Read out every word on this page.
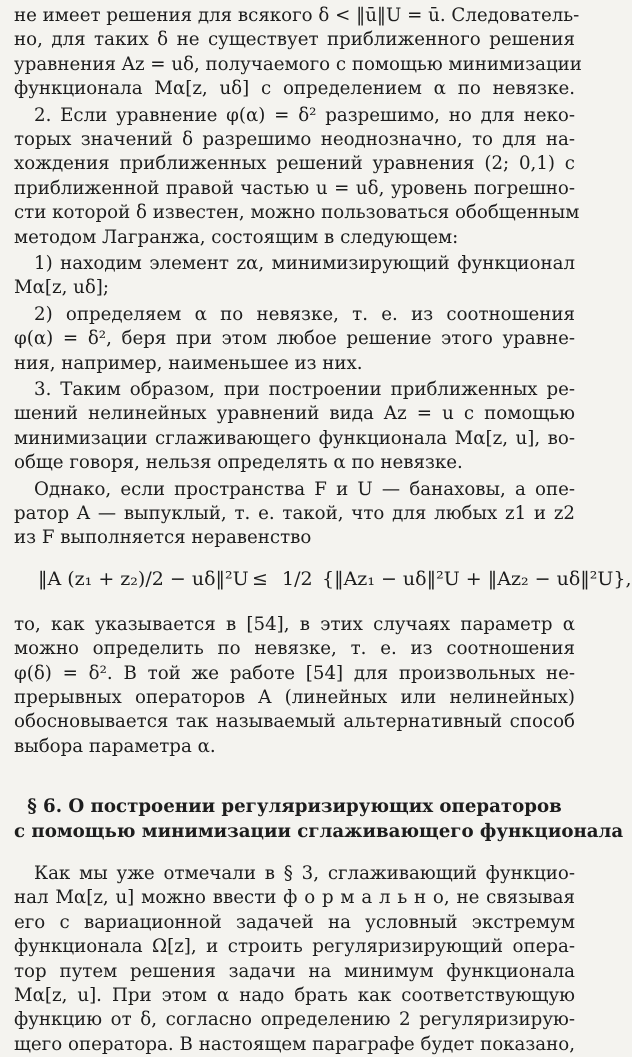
не имеет решения для всякого δ < ‖ū‖U = ū. Следователь-
но, для таких δ не существует приближенного решения
уравнения Az = uδ, получаемого с помощью минимизации
функционала Mα[z, uδ] с определением α по невязке.
2. Если уравнение φ(α) = δ² разрешимо, но для неко-
торых значений δ разрешимо неоднозначно, то для на-
хождения приближенных решений уравнения (2; 0,1) с
приближенной правой частью u = uδ, уровень погрешно-
сти которой δ известен, можно пользоваться обобщенным
методом Лагранжа, состоящим в следующем:
1) находим элемент zα, минимизирующий функционал
Mα[z, uδ];
2) определяем α по невязке, т. е. из соотношения
φ(α) = δ², беря при этом любое решение этого уравне-
ния, например, наименьшее из них.
3. Таким образом, при построении приближенных ре-
шений нелинейных уравнений вида Az = u с помощью
минимизации сглаживающего функционала Mα[z, u], во-
обще говоря, нельзя определять α по невязке.
Однако, если пространства F и U — банаховы, а опе-
ратор A — выпуклый, т. е. такой, что для любых z1 и z2
из F выполняется неравенство
‖A (z₁ + z₂)/2 − uδ‖²U ≤ 1/2 {‖Az₁ − uδ‖²U + ‖Az₂ − uδ‖²U},
то, как указывается в [54], в этих случаях параметр α
можно определить по невязке, т. е. из соотношения
φ(δ) = δ². В той же работе [54] для произвольных не-
прерывных операторов A (линейных или нелинейных)
обосновывается так называемый альтернативный способ
выбора параметра α.
§ 6. О построении регуляризирующих операторов
с помощью минимизации сглаживающего функционала
Как мы уже отмечали в § 3, сглаживающий функцио-
нал Mα[z, u] можно ввести ф о р м а л ь н о, не связывая
его с вариационной задачей на условный экстремум
функционала Ω[z], и строить регуляризирующий опера-
тор путем решения задачи на минимум функционала
Mα[z, u]. При этом α надо брать как соответствующую
функцию от δ, согласно определению 2 регуляризирую-
щего оператора. В настоящем параграфе будет показано,
